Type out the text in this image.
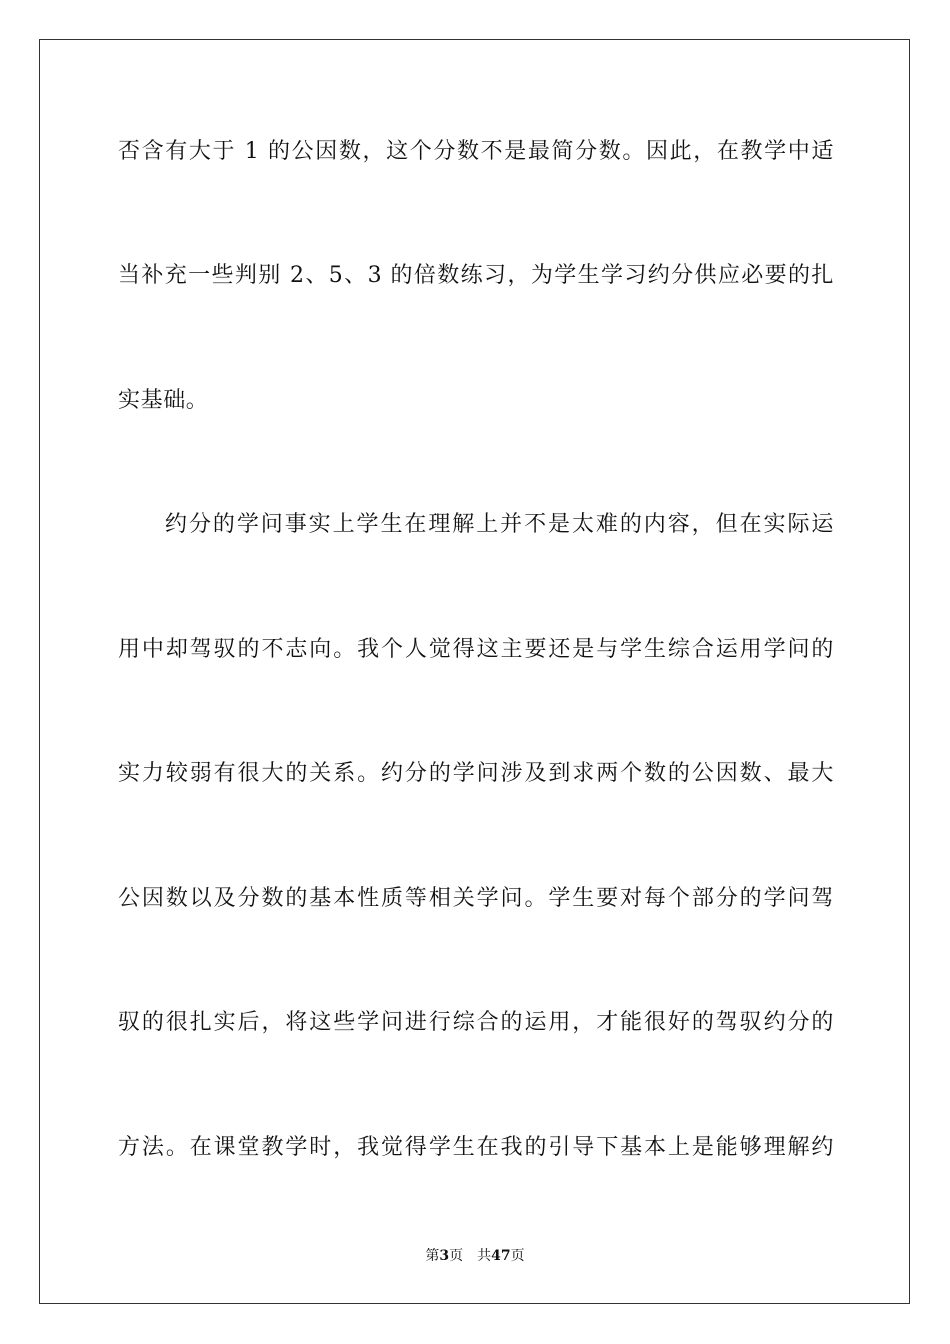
否含有大于 1 的公因数，这个分数不是最简分数。因此，在教学中适
当补充一些判别 2、5、3 的倍数练习，为学生学习约分供应必要的扎
实基础。
约分的学问事实上学生在理解上并不是太难的内容，但在实际运
用中却驾驭的不志向。我个人觉得这主要还是与学生综合运用学问的
实力较弱有很大的关系。约分的学问涉及到求两个数的公因数、最大
公因数以及分数的基本性质等相关学问。学生要对每个部分的学问驾
驭的很扎实后，将这些学问进行综合的运用，才能很好的驾驭约分的
方法。在课堂教学时，我觉得学生在我的引导下基本上是能够理解约
第3页 共47页
